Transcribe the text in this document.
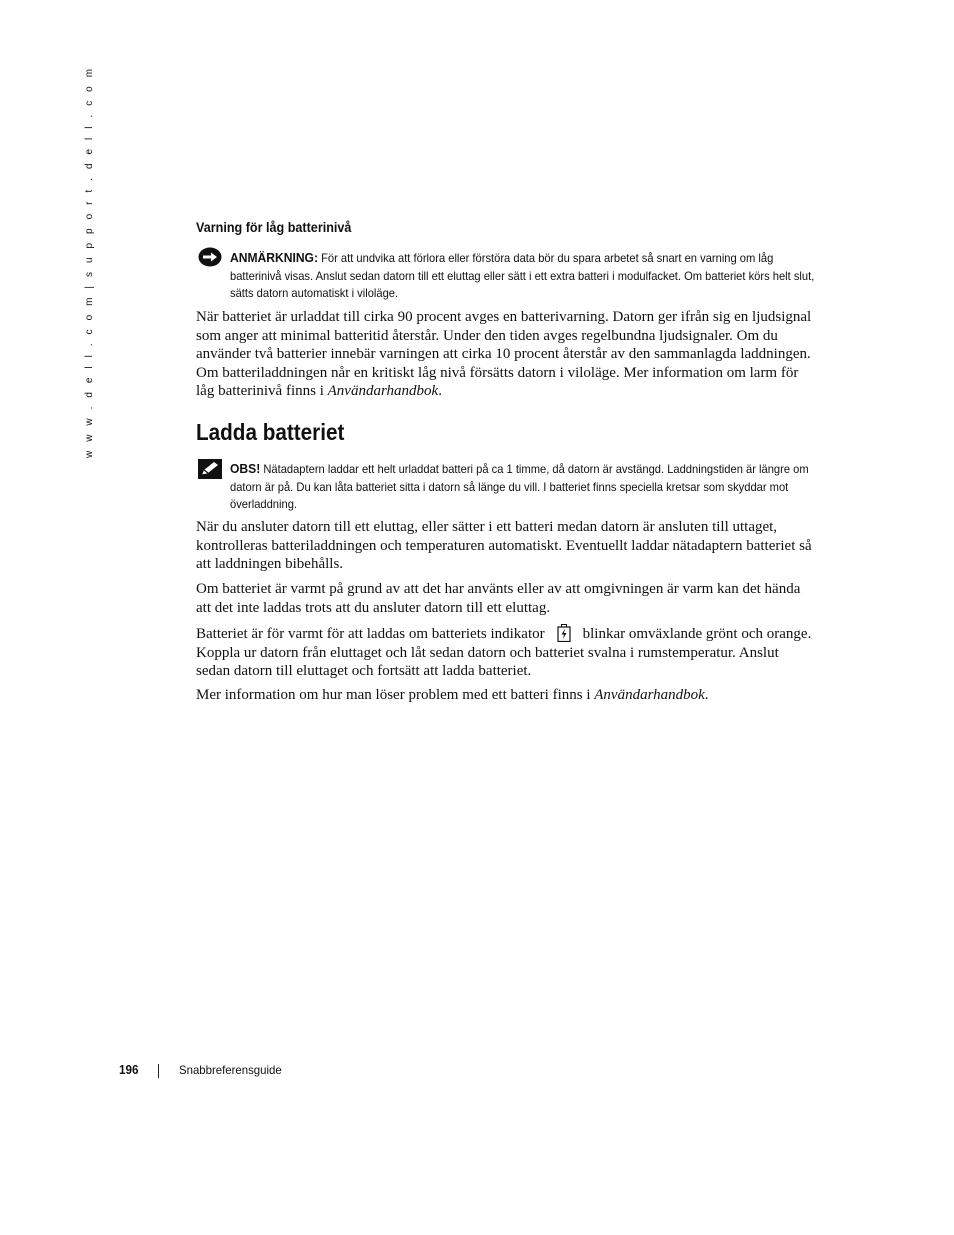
w w w . d e l l . c o m | s u p p o r t . d e l l . c o m	Varning för låg batterinivå
ANMÄRKNING: För att undvika att förlora eller förstöra data bör du spara arbetet så snart en varning om låg batterinivå visas. Anslut sedan datorn till ett eluttag eller sätt i ett extra batteri i modulfacket. Om batteriet körs helt slut, sätts datorn automatiskt i viloläge.
När batteriet är urladdat till cirka 90 procent avges en batterivarning. Datorn ger ifrån sig en ljudsignal som anger att minimal batteritid återstår. Under den tiden avges regelbundna ljudsignaler. Om du använder två batterier innebär varningen att cirka 10 procent återstår av den sammanlagda laddningen. Om batteriladdningen når en kritiskt låg nivå försätts datorn i viloläge. Mer information om larm för låg batterinivå finns i Användarhandbok.
Ladda batteriet
OBS! Nätadaptern laddar ett helt urladdat batteri på ca 1 timme, då datorn är avstängd. Laddningstiden är längre om datorn är på. Du kan låta batteriet sitta i datorn så länge du vill. I batteriet finns speciella kretsar som skyddar mot överladdning.
När du ansluter datorn till ett eluttag, eller sätter i ett batteri medan datorn är ansluten till uttaget, kontrolleras batteriladdningen och temperaturen automatiskt. Eventuellt laddar nätadaptern batteriet så att laddningen bibehålls.
Om batteriet är varmt på grund av att det har använts eller av att omgivningen är varm kan det hända att det inte laddas trots att du ansluter datorn till ett eluttag.
Batteriet är för varmt för att laddas om batteriets indikator	blinkar omväxlande grönt och orange. Koppla ur datorn från eluttaget och låt sedan datorn och batteriet svalna i rumstemperatur. Anslut sedan datorn till eluttaget och fortsätt att ladda batteriet.
Mer information om hur man löser problem med ett batteri finns i Användarhandbok.
196	Snabbreferensguide
